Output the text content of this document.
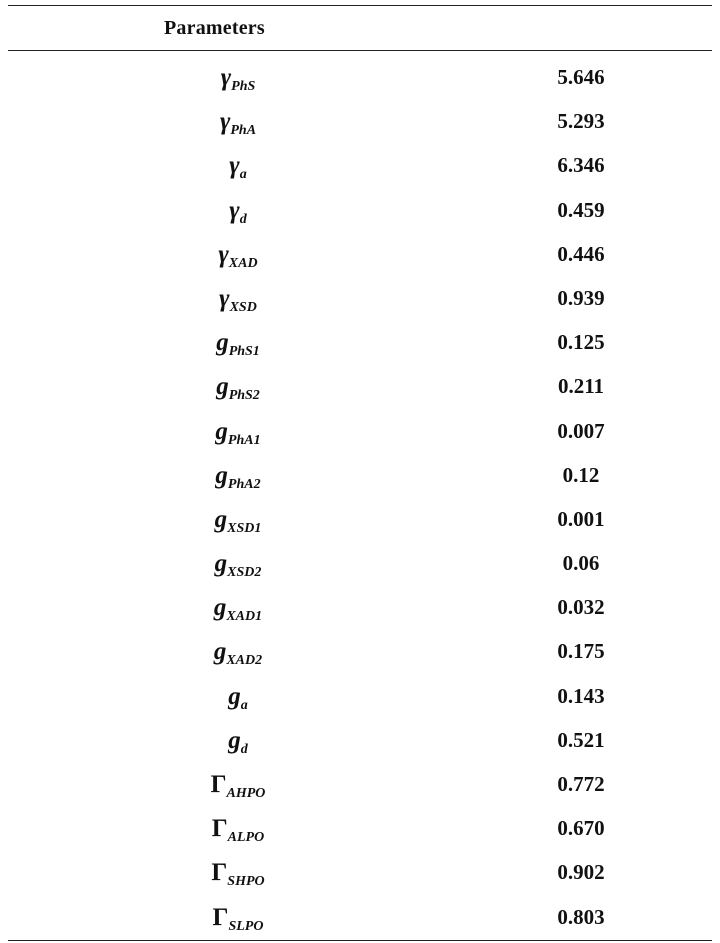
Parameters
$\gamma_{PhS}$	5.646
$\gamma_{PhA}$	5.293
$\gamma_a$	6.346
$\gamma_d$	0.459
$\gamma_{XAD}$	0.446
$\gamma_{XSD}$	0.939
$g_{PhS1}$	0.125
$g_{PhS2}$	0.211
$g_{PhA1}$	0.007
$g_{PhA2}$	0.12
$g_{XSD1}$	0.001
$g_{XSD2}$	0.06
$g_{XAD1}$	0.032
$g_{XAD2}$	0.175
$g_a$	0.143
$g_d$	0.521
$\Gamma_{AHPO}$	0.772
$\Gamma_{ALPO}$	0.670
$\Gamma_{SHPO}$	0.902
$\Gamma_{SLPO}$	0.803
